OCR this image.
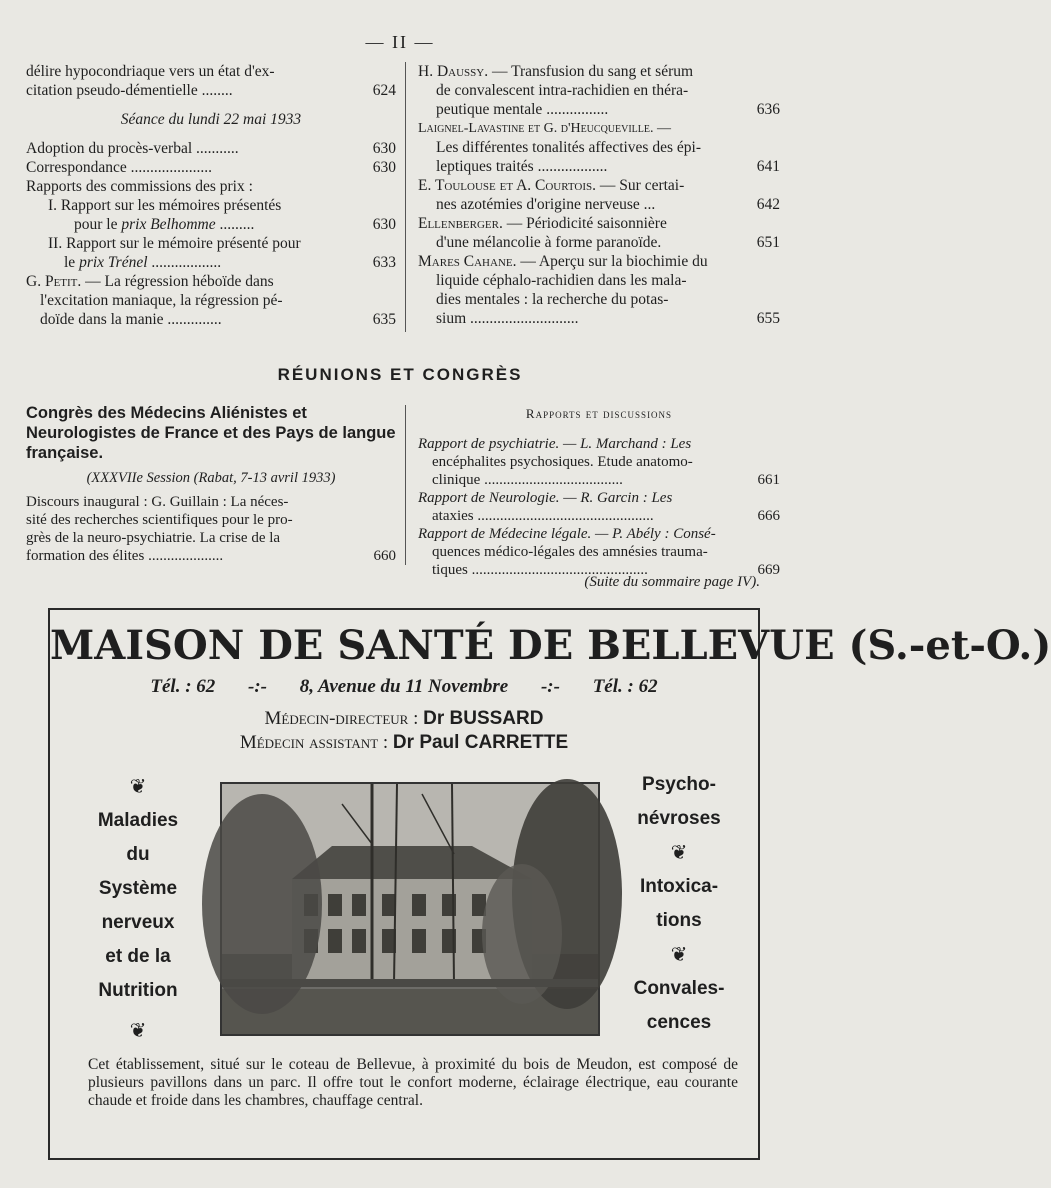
— II —
délire hypocondriaque vers un état d'ex-
citation pseudo-démentielle ........	624
Séance du lundi 22 mai 1933
Adoption du procès-verbal ...........	630
Correspondance .....................	630
Rapports des commissions des prix :
I. Rapport sur les mémoires présentés
pour le prix Belhomme .........	630
II. Rapport sur le mémoire présenté pour
le prix Trénel ..................	633
G. Petit. — La régression héboïde dans
l'excitation maniaque, la régression pé-
doïde dans la manie ..............	635
H. Daussy. — Transfusion du sang et sérum
de convalescent intra-rachidien en théra-
peutique mentale ................	636
Laignel-Lavastine et G. d'Heucqueville. —
Les différentes tonalités affectives des épi-
leptiques traités ..................	641
E. Toulouse et A. Courtois. — Sur certai-
nes azotémies d'origine nerveuse ...	642
Ellenberger. — Périodicité saisonnière
d'une mélancolie à forme paranoïde.	651
Mares Cahane. — Aperçu sur la biochimie du
liquide céphalo-rachidien dans les mala-
dies mentales : la recherche du potas-
sium ............................	655
RÉUNIONS ET CONGRÈS
Congrès des Médecins Aliénistes et Neurologistes de France et des Pays de langue française.
(XXXVIIe Session (Rabat, 7-13 avril 1933)
Discours inaugural : G. Guillain : La néces-
sité des recherches scientifiques pour le pro-
grès de la neuro-psychiatrie. La crise de la
formation des élites ....................	660
Rapports et discussions
Rapport de psychiatrie. — L. Marchand : Les
encéphalites psychosiques. Etude anatomo-
clinique .....................................	661
Rapport de Neurologie. — R. Garcin : Les
ataxies ...............................................	666
Rapport de Médecine légale. — P. Abély : Consé-
quences médico-légales des amnésies trauma-
tiques ...............................................	669
(Suite du sommaire page IV).
MAISON DE SANTÉ DE BELLEVUE (S.-et-O.)
Tél. : 62 -:- 8, Avenue du 11 Novembre -:- Tél. : 62
Médecin-directeur : Dr BUSSARD
Médecin assistant : Dr Paul CARRETTE
❦
Maladies
du
Système
nerveux
et de la
Nutrition
❦
Psycho-
névroses
❦
Intoxica-
tions
❦
Convales-
cences
Cet établissement, situé sur le coteau de Bellevue, à proximité du bois de Meudon, est composé de plusieurs pavillons dans un parc. Il offre tout le confort moderne, éclairage électrique, eau courante chaude et froide dans les chambres, chauffage central.
